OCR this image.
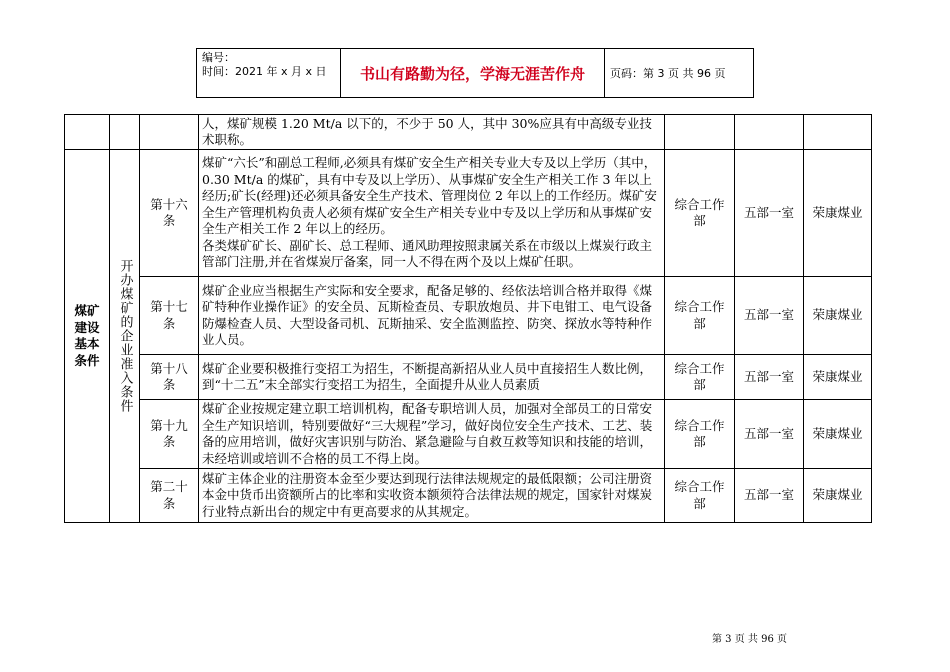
编号：
时间：2021 年 x 月 x 日	书山有路勤为径，学海无涯苦作舟	页码：第 3 页 共 96 页
			人，煤矿规模 1.20 Mt/a 以下的，不少于 50 人，其中 30%应具有中高级专业技术职称。			

煤矿建设基本条件	开办煤矿的企业准入条件	第十六条	煤矿“六长”和副总工程师,必须具有煤矿安全生产相关专业大专及以上学历（其中，0.30 Mt/a 的煤矿，具有中专及以上学历）、从事煤矿安全生产相关工作 3 年以上经历;矿长(经理)还必须具备安全生产技术、管理岗位 2 年以上的工作经历。煤矿安全生产管理机构负责人必须有煤矿安全生产相关专业中专及以上学历和从事煤矿安全生产相关工作 2 年以上的经历。
各类煤矿矿长、副矿长、总工程师、通风助理按照隶属关系在市级以上煤炭行政主管部门注册,并在省煤炭厅备案，同一人不得在两个及以上煤矿任职。	综合工作部	五部一室	荣康煤业

		第十七条	煤矿企业应当根据生产实际和安全要求，配备足够的、经依法培训合格并取得《煤矿特种作业操作证》的安全员、瓦斯检查员、专职放炮员、井下电钳工、电气设备防爆检查人员、大型设备司机、瓦斯抽采、安全监测监控、防突、探放水等特种作业人员。	综合工作部	五部一室	荣康煤业

		第十八条	煤矿企业要积极推行变招工为招生，不断提高新招从业人员中直接招生人数比例，到“十二五”末全部实行变招工为招生，全面提升从业人员素质	综合工作部	五部一室	荣康煤业

		第十九条	煤矿企业按规定建立职工培训机构，配备专职培训人员，加强对全部员工的日常安全生产知识培训，特别要做好“三大规程”学习，做好岗位安全生产技术、工艺、装备的应用培训，做好灾害识别与防治、紧急避险与自救互救等知识和技能的培训，未经培训或培训不合格的员工不得上岗。	综合工作部	五部一室	荣康煤业

		第二十条	煤矿主体企业的注册资本金至少要达到现行法律法规规定的最低限额；公司注册资本金中货币出资额所占的比率和实收资本额须符合法律法规的规定，国家针对煤炭行业特点新出台的规定中有更高要求的从其规定。	综合工作部	五部一室	荣康煤业
第 3 页 共 96 页
